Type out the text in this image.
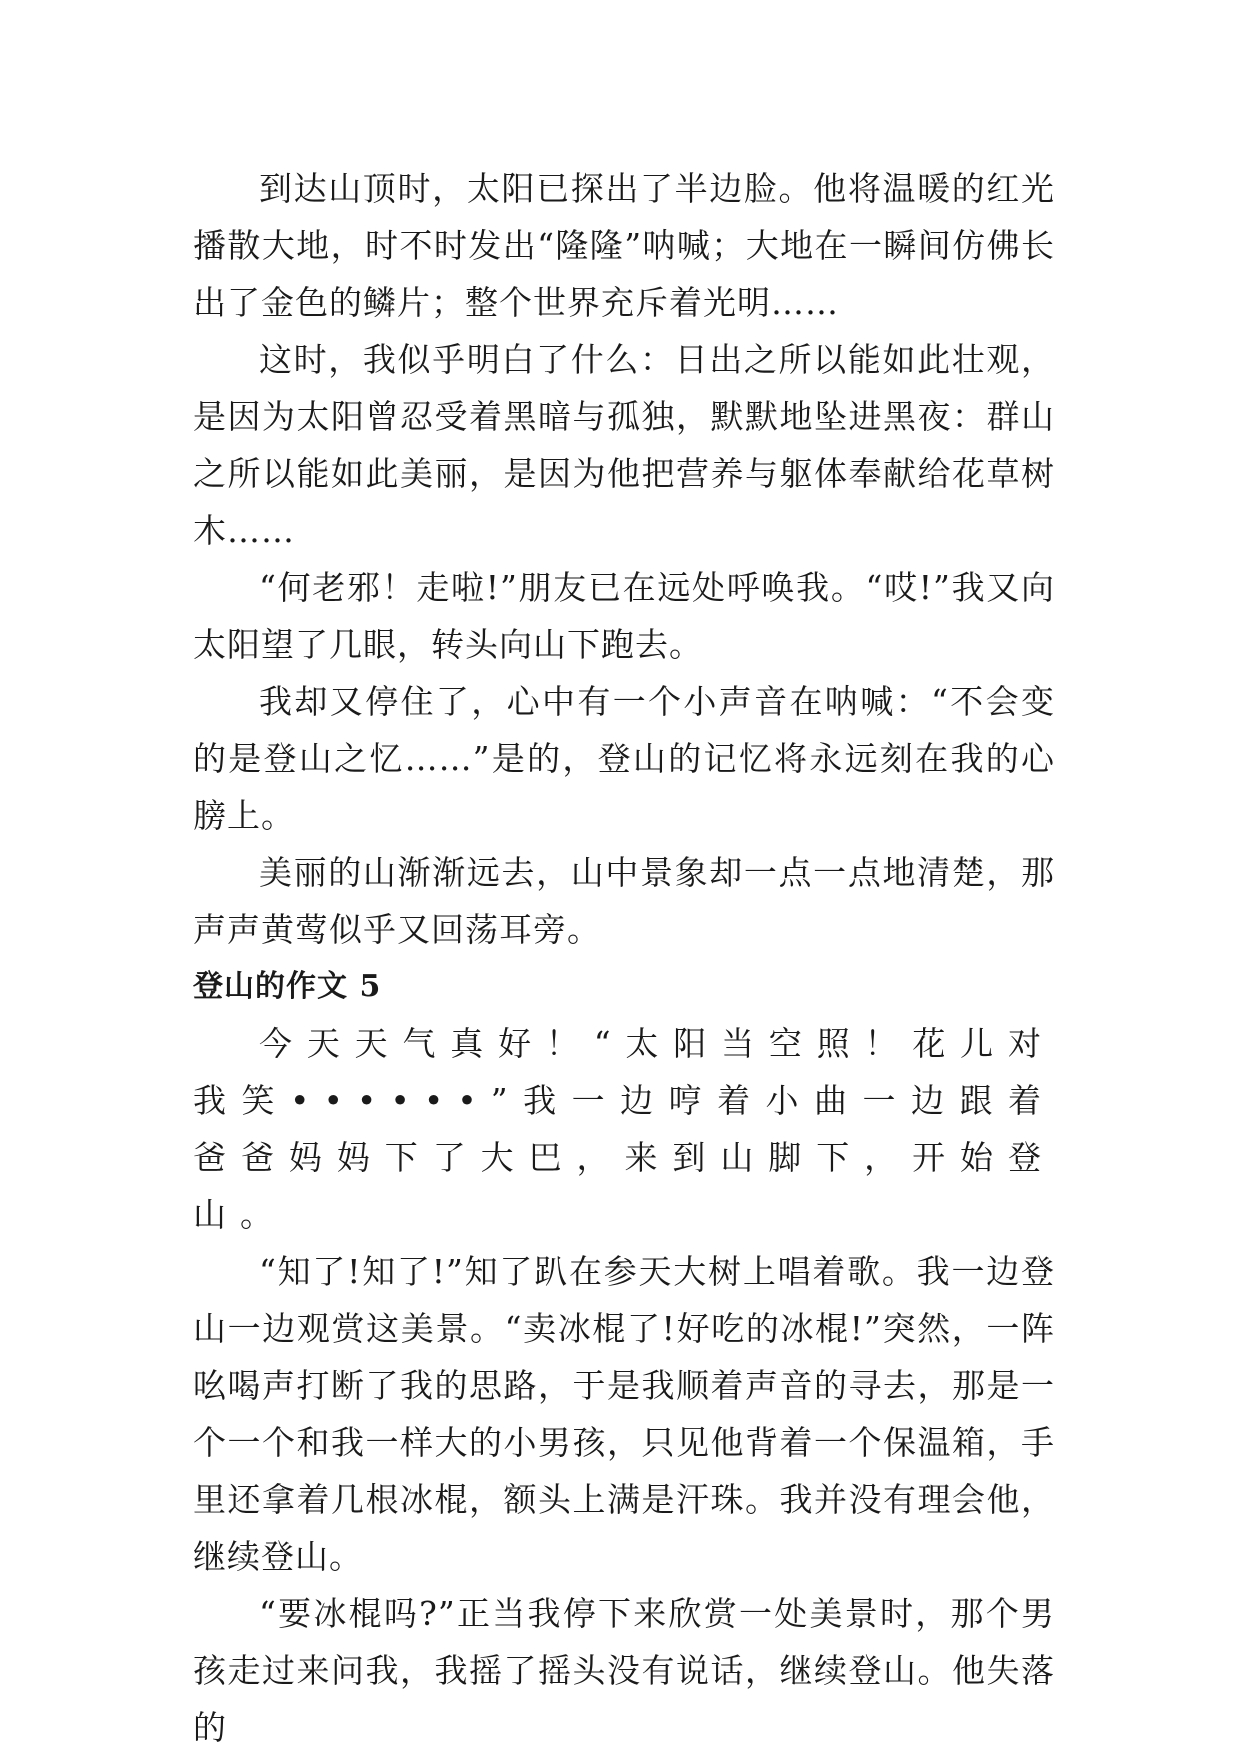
到达山顶时，太阳已探出了半边脸。他将温暖的红光播散大地，时不时发出“隆隆”呐喊；大地在一瞬间仿佛长出了金色的鳞片；整个世界充斥着光明……

这时，我似乎明白了什么：日出之所以能如此壮观，是因为太阳曾忍受着黑暗与孤独，默默地坠进黑夜：群山之所以能如此美丽，是因为他把营养与躯体奉献给花草树木……

“何老邪！走啦!”朋友已在远处呼唤我。“哎!”我又向太阳望了几眼，转头向山下跑去。

我却又停住了，心中有一个小声音在呐喊：“不会变的是登山之忆……”是的，登山的记忆将永远刻在我的心膀上。

美丽的山渐渐远去，山中景象却一点一点地清楚，那声声黄莺似乎又回荡耳旁。

登山的作文 5

今天天气真好！“太阳当空照！花儿对我笑••••••”我一边哼着小曲一边跟着爸爸妈妈下了大巴，来到山脚下，开始登山。

“知了!知了!”知了趴在参天大树上唱着歌。我一边登山一边观赏这美景。“卖冰棍了!好吃的冰棍!”突然，一阵吆喝声打断了我的思路，于是我顺着声音的寻去，那是一个一个和我一样大的小男孩，只见他背着一个保温箱，手里还拿着几根冰棍，额头上满是汗珠。我并没有理会他，继续登山。

“要冰棍吗?”正当我停下来欣赏一处美景时，那个男孩走过来问我，我摇了摇头没有说话，继续登山。他失落的
